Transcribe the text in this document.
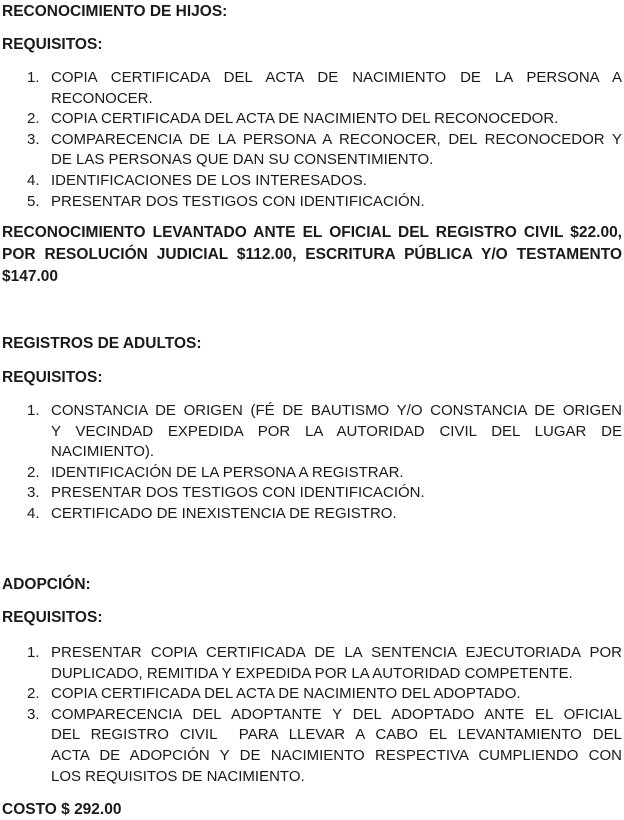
RECONOCIMIENTO DE HIJOS:
REQUISITOS:
1. COPIA CERTIFICADA DEL ACTA DE NACIMIENTO DE LA PERSONA A
RECONOCER.
2. COPIA CERTIFICADA DEL ACTA DE NACIMIENTO DEL RECONOCEDOR.
3. COMPARECENCIA DE LA PERSONA A RECONOCER, DEL RECONOCEDOR Y
DE LAS PERSONAS QUE DAN SU CONSENTIMIENTO.
4. IDENTIFICACIONES DE LOS INTERESADOS.
5. PRESENTAR DOS TESTIGOS CON IDENTIFICACIÓN.
RECONOCIMIENTO LEVANTADO ANTE EL OFICIAL DEL REGISTRO CIVIL $22.00,
POR RESOLUCIÓN JUDICIAL $112.00, ESCRITURA PÚBLICA Y/O TESTAMENTO
$147.00
REGISTROS DE ADULTOS:
REQUISITOS:
1. CONSTANCIA DE ORIGEN (FÉ DE BAUTISMO Y/O CONSTANCIA DE ORIGEN
Y VECINDAD EXPEDIDA POR LA AUTORIDAD CIVIL DEL LUGAR DE
NACIMIENTO).
2. IDENTIFICACIÓN DE LA PERSONA A REGISTRAR.
3. PRESENTAR DOS TESTIGOS CON IDENTIFICACIÓN.
4. CERTIFICADO DE INEXISTENCIA DE REGISTRO.
ADOPCIÓN:
REQUISITOS:
1. PRESENTAR COPIA CERTIFICADA DE LA SENTENCIA EJECUTORIADA POR
DUPLICADO, REMITIDA Y EXPEDIDA POR LA AUTORIDAD COMPETENTE.
2. COPIA CERTIFICADA DEL ACTA DE NACIMIENTO DEL ADOPTADO.
3. COMPARECENCIA DEL ADOPTANTE Y DEL ADOPTADO ANTE EL OFICIAL
DEL REGISTRO CIVIL  PARA LLEVAR A CABO EL LEVANTAMIENTO DEL
ACTA DE ADOPCIÓN Y DE NACIMIENTO RESPECTIVA CUMPLIENDO CON
LOS REQUISITOS DE NACIMIENTO.
COSTO $ 292.00
